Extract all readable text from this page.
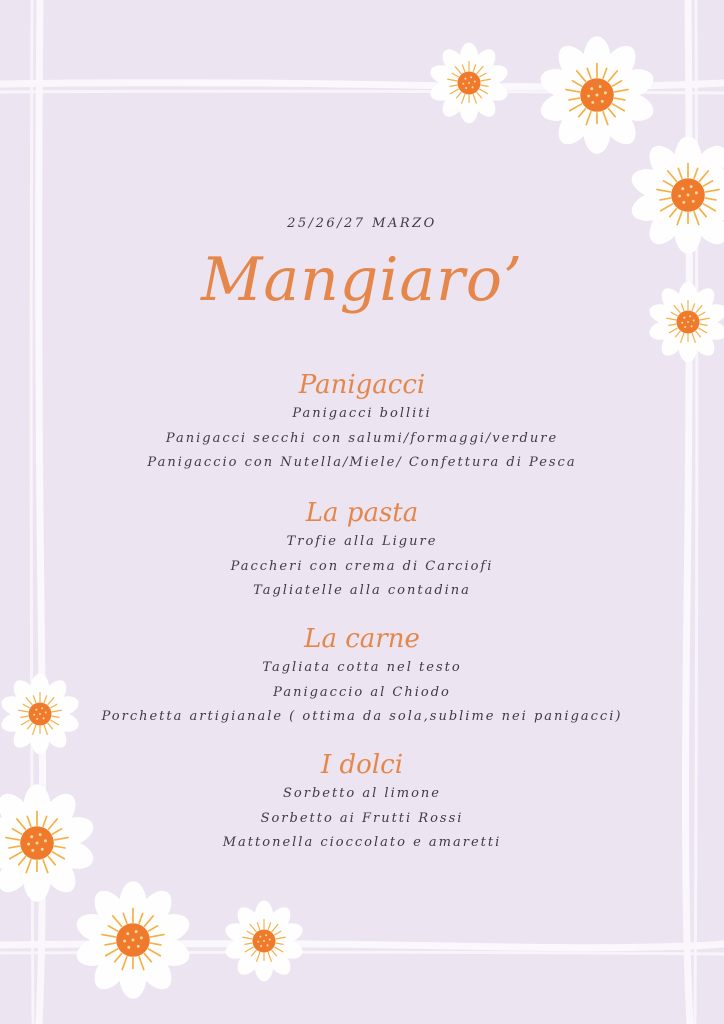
25/26/27 MARZO
Mangiaro’
Panigacci
Panigacci bolliti
Panigacci secchi con salumi/formaggi/verdure
Panigaccio con Nutella/Miele/ Confettura di Pesca
La pasta
Trofie alla Ligure
Paccheri con crema di Carciofi
Tagliatelle alla contadina
La carne
Tagliata cotta nel testo
Panigaccio al Chiodo
Porchetta artigianale ( ottima da sola,sublime nei panigacci)
I dolci
Sorbetto al limone
Sorbetto ai Frutti Rossi
Mattonella cioccolato e amaretti
